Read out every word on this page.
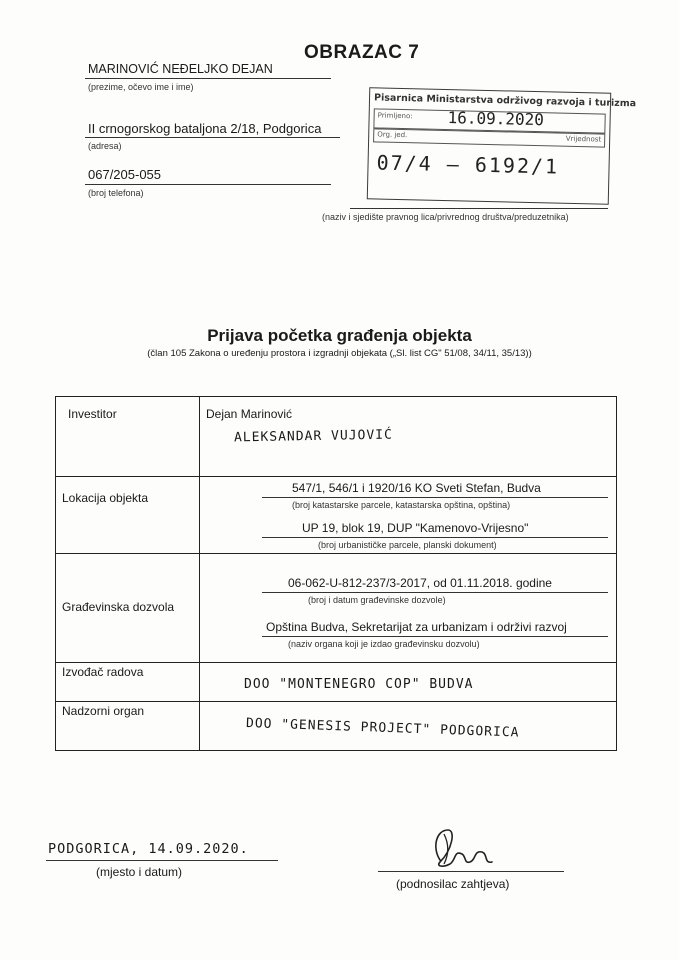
OBRAZAC 7
MARINOVIĆ NEĐELJKO DEJAN
(prezime, očevo ime i ime)
II crnogorskog bataljona 2/18, Podgorica
(adresa)
067/205-055
(broj telefona)
Pisarnica Ministarstva održivog razvoja i turizma
Primljeno: 16.09.2020
Org. jed.	Vrijednost
07/4 – 6192/1
(naziv i sjedište pravnog lica/privrednog društva/preduzetnika)
Prijava početka građenja objekta
(član 105 Zakona o uređenju prostora i izgradnji objekata („Sl. list CG" 51/08, 34/11, 35/13))
Investitor	Dejan Marinović
ALEKSANDAR VUJOVIĆ

Lokacija objekta	547/1, 546/1 i 1920/16 KO Sveti Stefan, Budva
(broj katastarske parcele, katastarska opština, opština)
UP 19, blok 19, DUP "Kamenovo-Vrijesno"
(broj urbanističke parcele, planski dokument)

Građevinska dozvola	06-062-U-812-237/3-2017, od 01.11.2018. godine
(broj i datum građevinske dozvole)
Opština Budva, Sekretarijat za urbanizam i održivi razvoj
(naziv organa koji je izdao građevinsku dozvolu)

Izvođač radova	DOO "MONTENEGRO COP" BUDVA

Nadzorni organ	DOO "GENESIS PROJECT" PODGORICA
PODGORICA, 14.09.2020.
(mjesto i datum)
(podnosilac zahtjeva)
